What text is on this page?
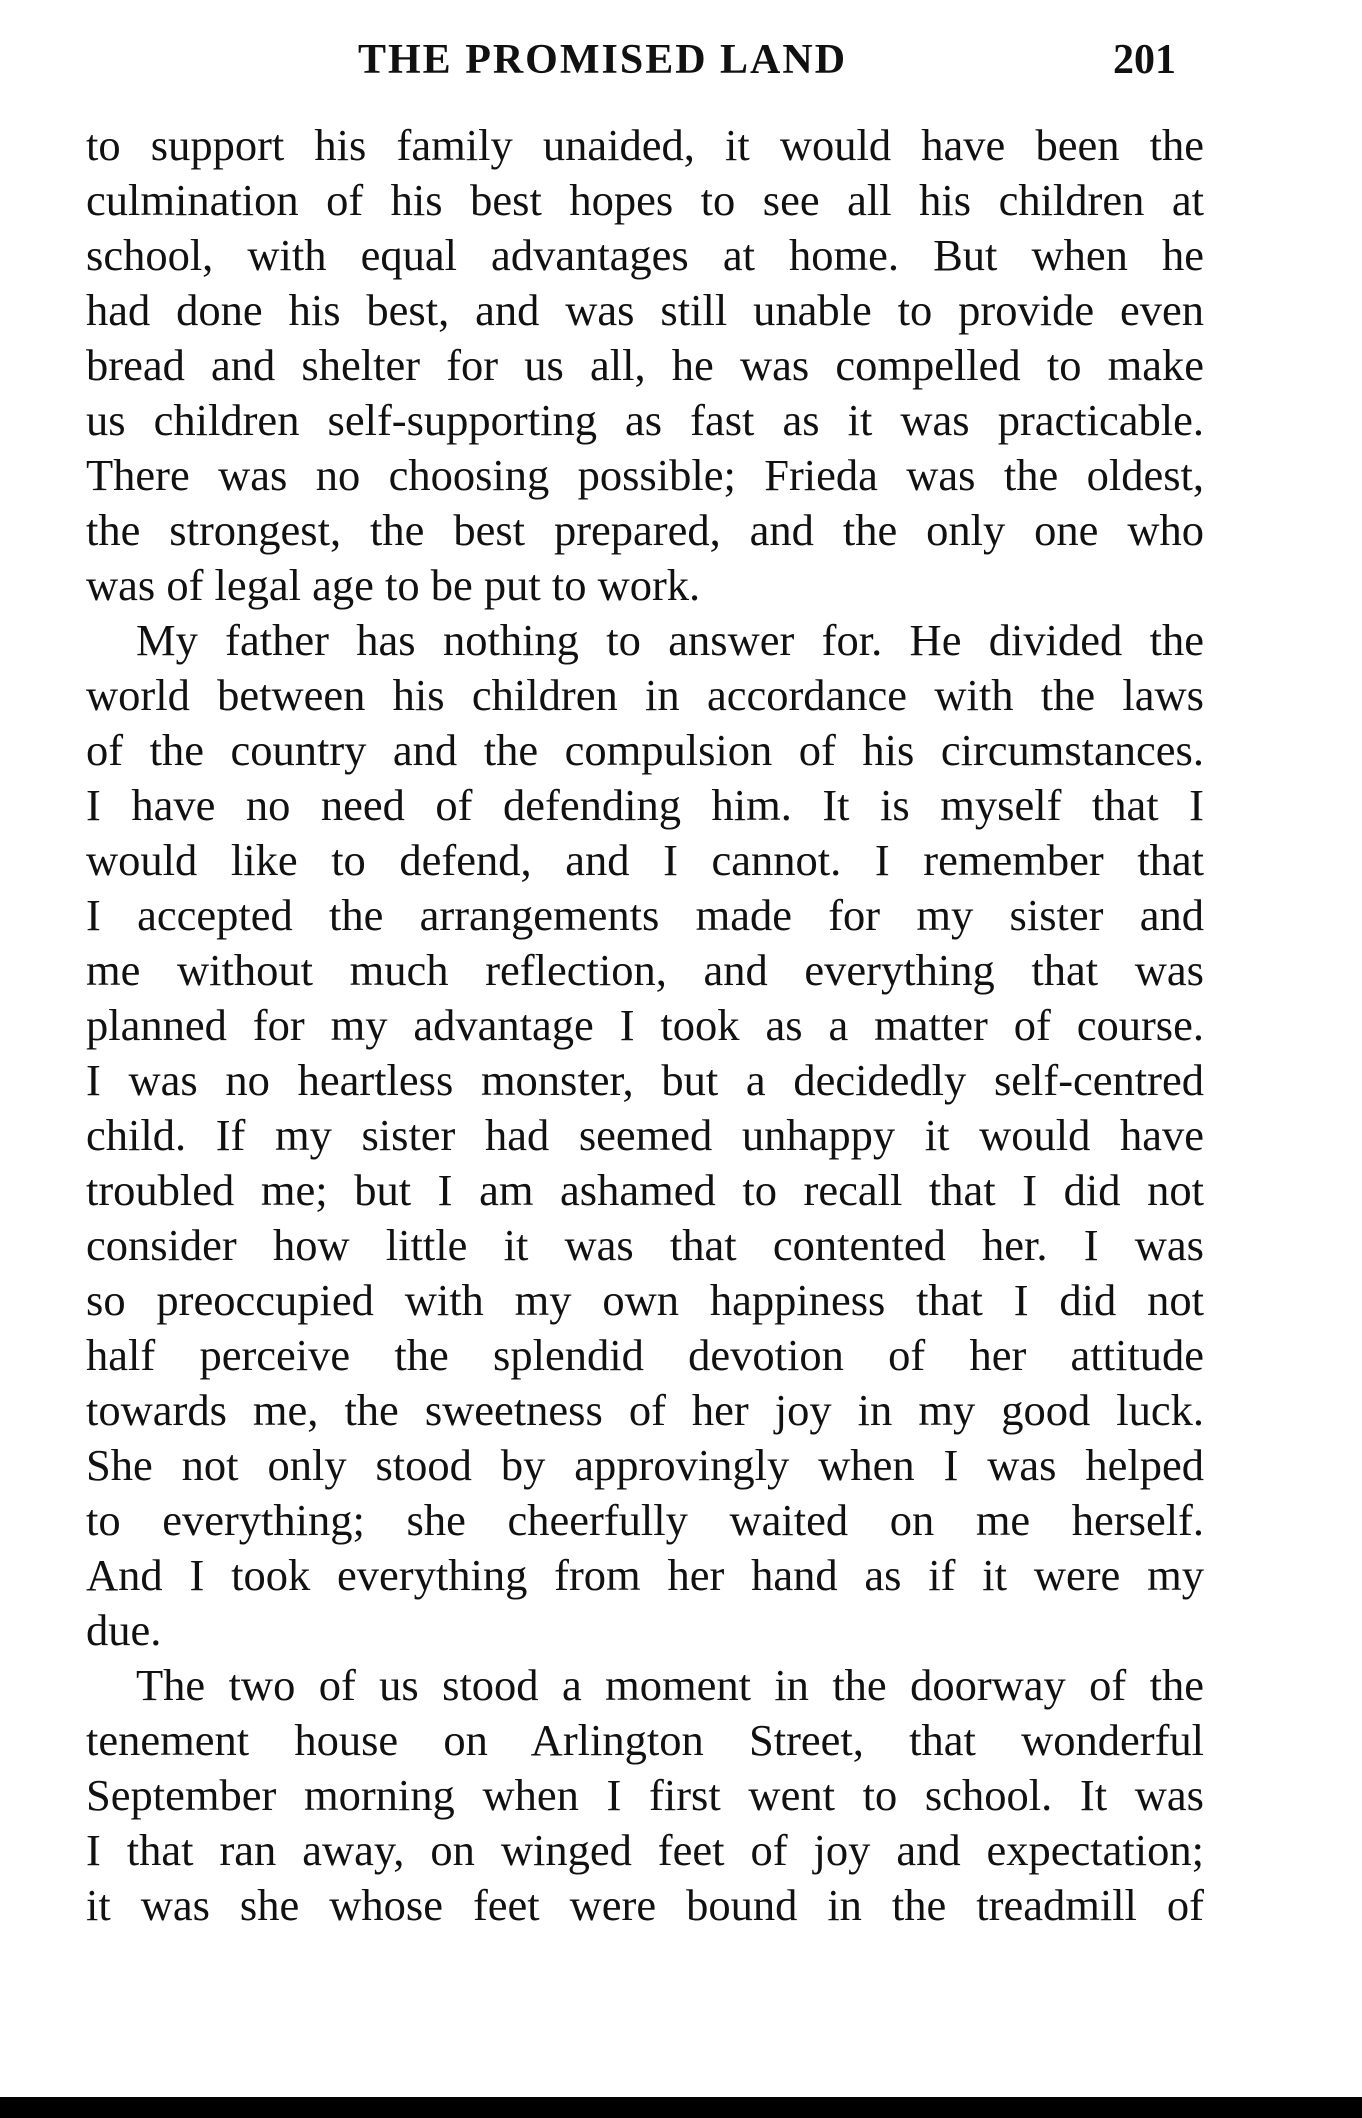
THE PROMISED LAND	201
to support his family unaided, it would have been the
culmination of his best hopes to see all his children at
school, with equal advantages at home. But when he
had done his best, and was still unable to provide even
bread and shelter for us all, he was compelled to make
us children self-supporting as fast as it was practicable.
There was no choosing possible; Frieda was the oldest,
the strongest, the best prepared, and the only one who
was of legal age to be put to work.
My father has nothing to answer for. He divided the
world between his children in accordance with the laws
of the country and the compulsion of his circumstances.
I have no need of defending him. It is myself that I
would like to defend, and I cannot. I remember that
I accepted the arrangements made for my sister and
me without much reflection, and everything that was
planned for my advantage I took as a matter of course.
I was no heartless monster, but a decidedly self-centred
child. If my sister had seemed unhappy it would have
troubled me; but I am ashamed to recall that I did not
consider how little it was that contented her. I was
so preoccupied with my own happiness that I did not
half perceive the splendid devotion of her attitude
towards me, the sweetness of her joy in my good luck.
She not only stood by approvingly when I was helped
to everything; she cheerfully waited on me herself.
And I took everything from her hand as if it were my
due.
The two of us stood a moment in the doorway of the
tenement house on Arlington Street, that wonderful
September morning when I first went to school. It was
I that ran away, on winged feet of joy and expectation;
it was she whose feet were bound in the treadmill of
